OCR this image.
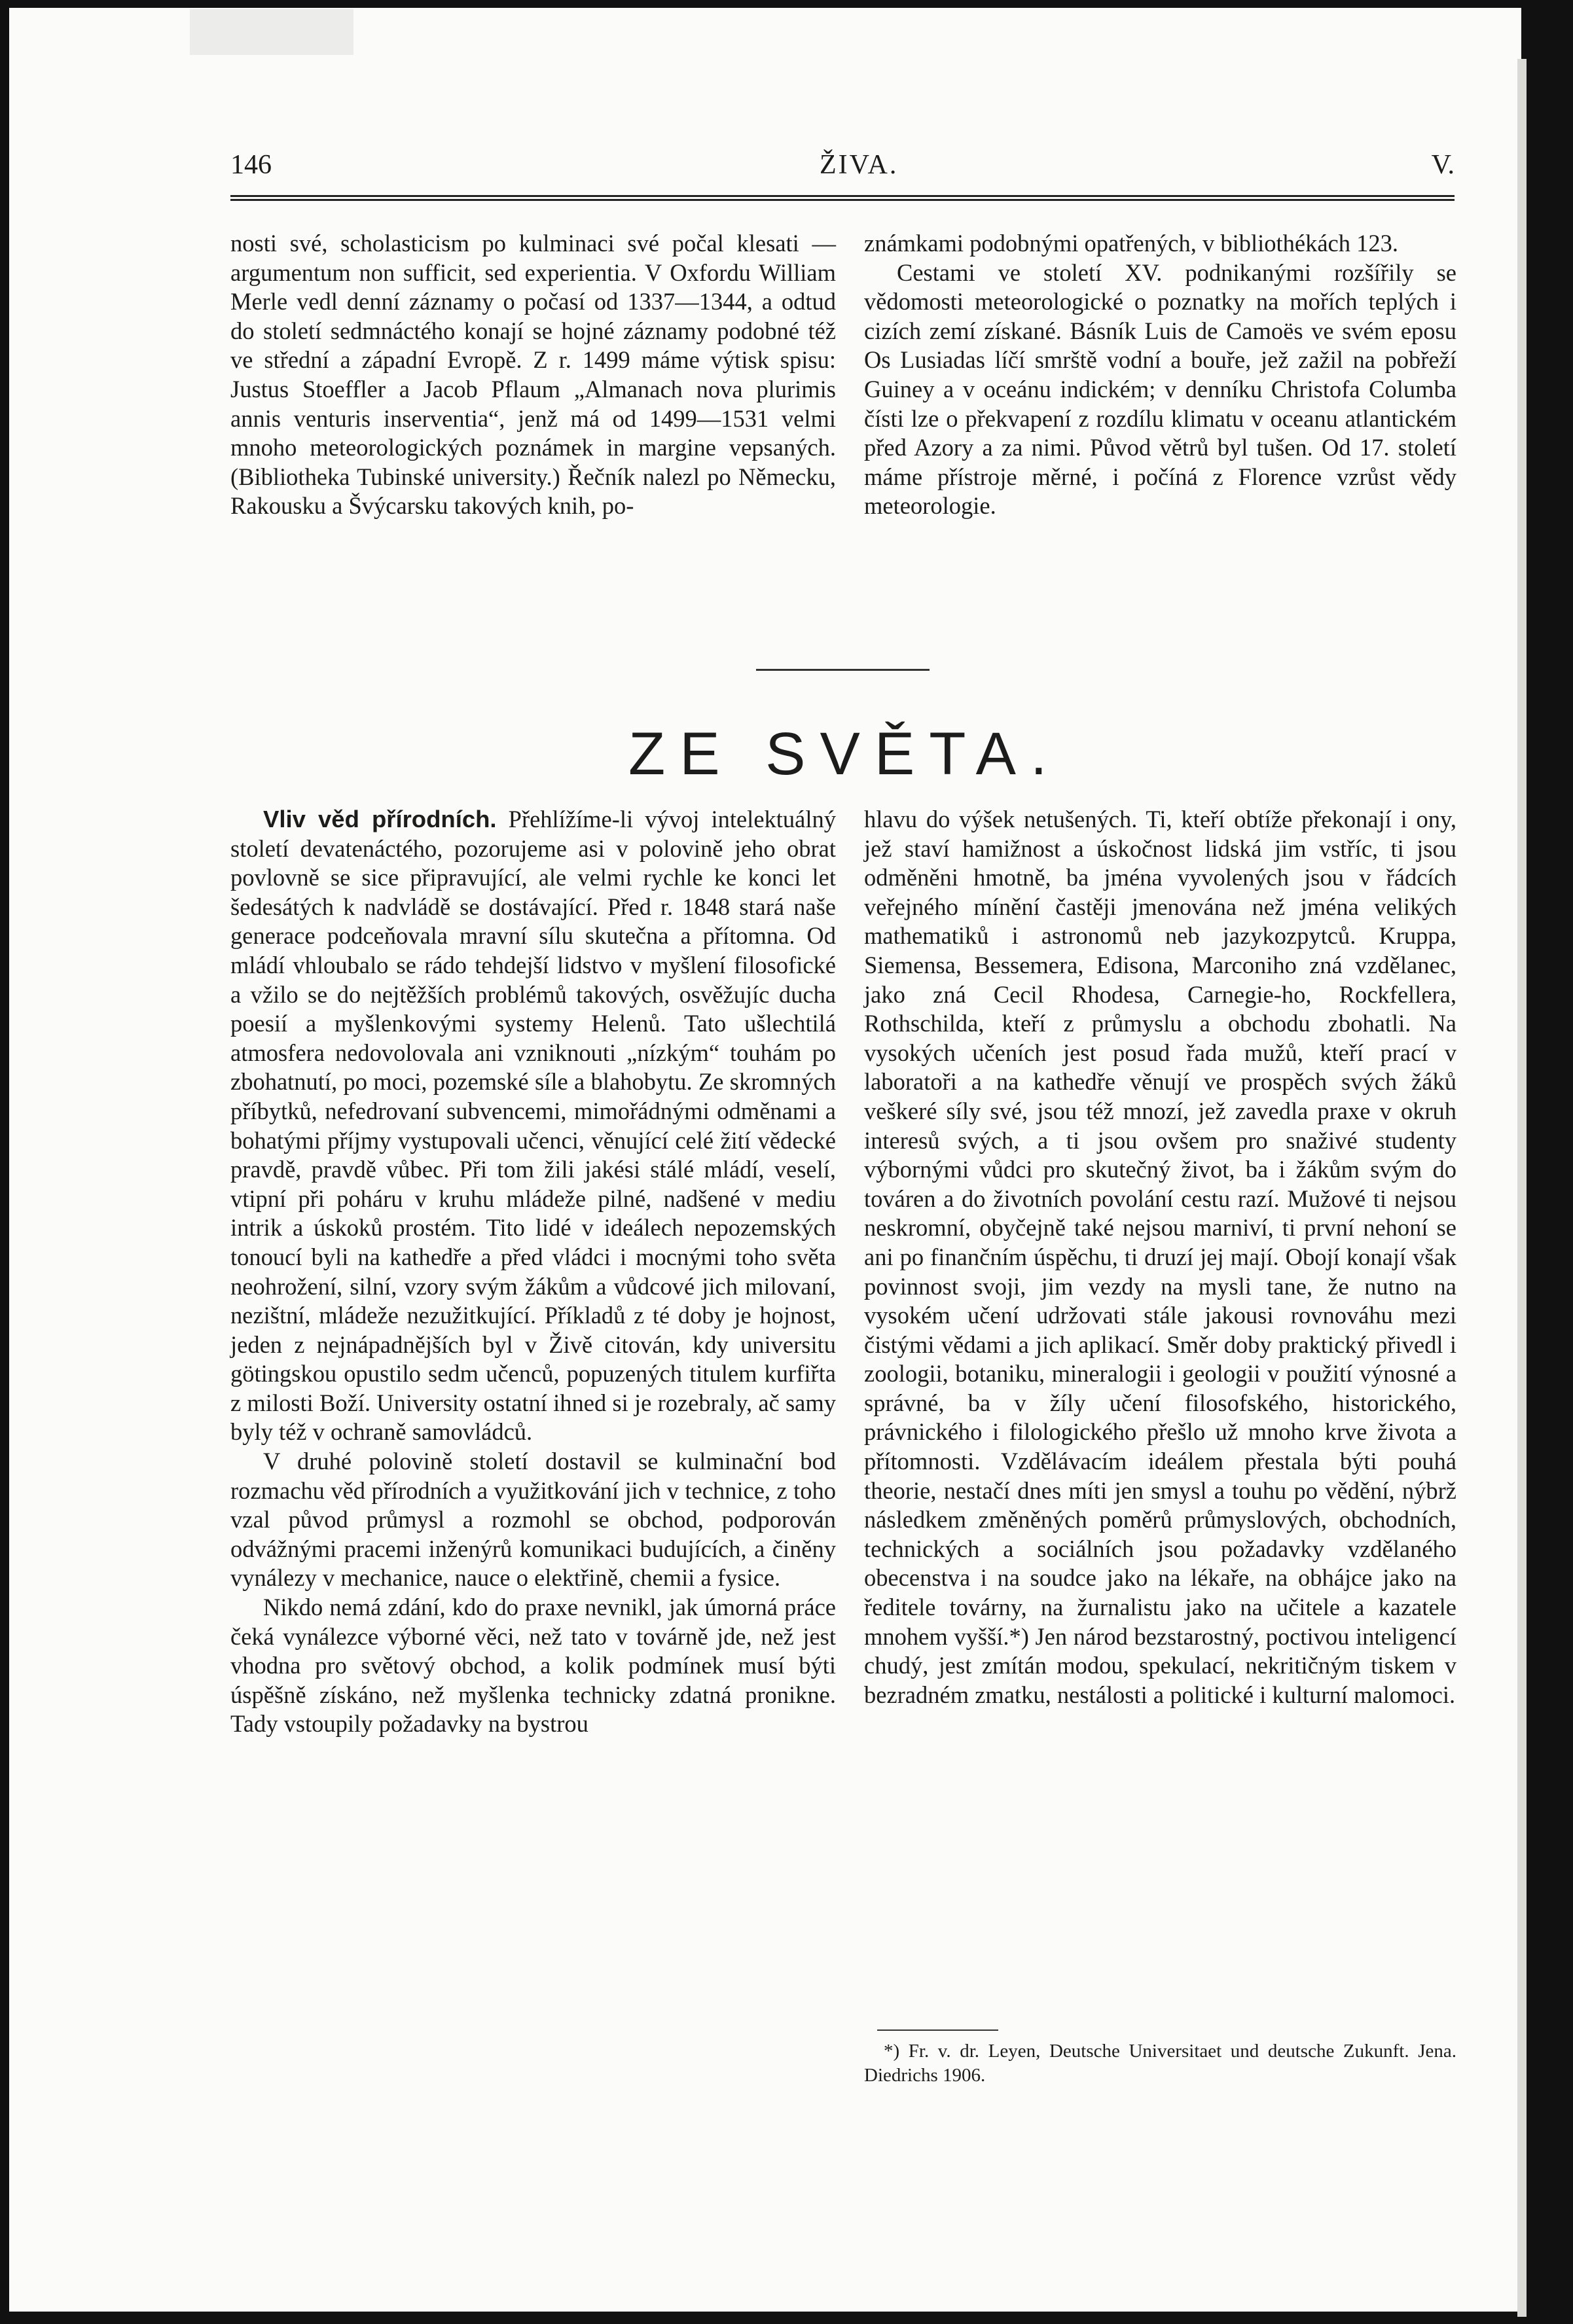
146	ŽIVA.	V.

nosti své, scholasticism po kulminaci své počal klesati — argumentum non sufficit, sed experientia. V Oxfordu William Merle vedl denní záznamy o počasí od 1337—1344, a odtud do století sedmnáctého konají se hojné záznamy podobné též ve střední a západní Evropě. Z r. 1499 máme výtisk spisu: Justus Stoeffler a Jacob Pflaum „Almanach nova plurimis annis venturis inserventia“, jenž má od 1499—1531 velmi mnoho meteorologických poznámek in margine vepsaných. (Bibliotheka Tubinské university.) Řečník nalezl po Německu, Rakousku a Švýcarsku takových knih, po-

známkami podobnými opatřených, v bibliothékách 123.

Cestami ve století XV. podnikanými rozšířily se vědomosti meteorologické o poznatky na mořích teplých i cizích zemí získané. Básník Luis de Camoës ve svém eposu Os Lusiadas líčí smrště vodní a bouře, jež zažil na pobřeží Guiney a v oceánu indickém; v denníku Christofa Columba čísti lze o překvapení z rozdílu klimatu v oceanu atlantickém před Azory a za nimi. Původ větrů byl tušen. Od 17. století máme přístroje měrné, i počíná z Florence vzrůst vědy meteorologie.

ZE SVĚTA.

Vliv věd přírodních. Přehlížíme-li vývoj intelektuálný století devatenáctého, pozorujeme asi v polovině jeho obrat povlovně se sice připravující, ale velmi rychle ke konci let šedesátých k nadvládě se dostávající. Před r. 1848 stará naše generace podceňovala mravní sílu skutečna a přítomna. Od mládí vhloubalo se rádo tehdejší lidstvo v myšlení filosofické a vžilo se do nejtěžších problémů takových, osvěžujíc ducha poesií a myšlenkovými systemy Helenů. Tato ušlechtilá atmosfera nedovolovala ani vzniknouti „nízkým“ touhám po zbohatnutí, po moci, pozemské síle a blahobytu. Ze skromných příbytků, nefedrovaní subvencemi, mimořádnými odměnami a bohatými příjmy vystupovali učenci, věnující celé žití vědecké pravdě, pravdě vůbec. Při tom žili jakési stálé mládí, veselí, vtipní při poháru v kruhu mládeže pilné, nadšené v mediu intrik a úskoků prostém. Tito lidé v ideálech nepozemských tonoucí byli na kathedře a před vládci i mocnými toho světa neohrožení, silní, vzory svým žákům a vůdcové jich milovaní, nezištní, mládeže nezužitkující. Příkladů z té doby je hojnost, jeden z nejnápadnějších byl v Živě citován, kdy universitu götingskou opustilo sedm učenců, popuzených titulem kurfiřta z milosti Boží. University ostatní ihned si je rozebraly, ač samy byly též v ochraně samovládců.

V druhé polovině století dostavil se kulminační bod rozmachu věd přírodních a využitkování jich v technice, z toho vzal původ průmysl a rozmohl se obchod, podporován odvážnými pracemi inženýrů komunikaci budujících, a činěny vynálezy v mechanice, nauce o elektřině, chemii a fysice.

Nikdo nemá zdání, kdo do praxe nevnikl, jak úmorná práce čeká vynálezce výborné věci, než tato v továrně jde, než jest vhodna pro světový obchod, a kolik podmínek musí býti úspěšně získáno, než myšlenka technicky zdatná pronikne. Tady vstoupily požadavky na bystrou

hlavu do výšek netušených. Ti, kteří obtíže překonají i ony, jež staví hamižnost a úskočnost lidská jim vstříc, ti jsou odměněni hmotně, ba jména vyvolených jsou v řádcích veřejného mínění častěji jmenována než jména velikých mathematiků i astronomů neb jazykozpytců. Kruppa, Siemensa, Bessemera, Edisona, Marconiho zná vzdělanec, jako zná Cecil Rhodesa, Carnegie-ho, Rockfellera, Rothschilda, kteří z průmyslu a obchodu zbohatli. Na vysokých učeních jest posud řada mužů, kteří prací v laboratoři a na kathedře věnují ve prospěch svých žáků veškeré síly své, jsou též mnozí, jež zavedla praxe v okruh interesů svých, a ti jsou ovšem pro snaživé studenty výbornými vůdci pro skutečný život, ba i žákům svým do továren a do životních povolání cestu razí. Mužové ti nejsou neskromní, obyčejně také nejsou marniví, ti první nehoní se ani po finančním úspěchu, ti druzí jej mají. Obojí konají však povinnost svoji, jim vezdy na mysli tane, že nutno na vysokém učení udržovati stále jakousi rovnováhu mezi čistými vědami a jich aplikací. Směr doby praktický přivedl i zoologii, botaniku, mineralogii i geologii v použití výnosné a správné, ba v žíly učení filosofského, historického, právnického i filologického přešlo už mnoho krve života a přítomnosti. Vzdělávacím ideálem přestala býti pouhá theorie, nestačí dnes míti jen smysl a touhu po vědění, nýbrž následkem změněných poměrů průmyslových, obchodních, technických a sociálních jsou požadavky vzdělaného obecenstva i na soudce jako na lékaře, na obhájce jako na ředitele továrny, na žurnalistu jako na učitele a kazatele mnohem vyšší.*) Jen národ bezstarostný, poctivou inteligencí chudý, jest zmítán modou, spekulací, nekritičným tiskem v bezradném zmatku, nestálosti a politické i kulturní malomoci.

*) Fr. v. dr. Leyen, Deutsche Universitaet und deutsche Zukunft. Jena. Diedrichs 1906.
